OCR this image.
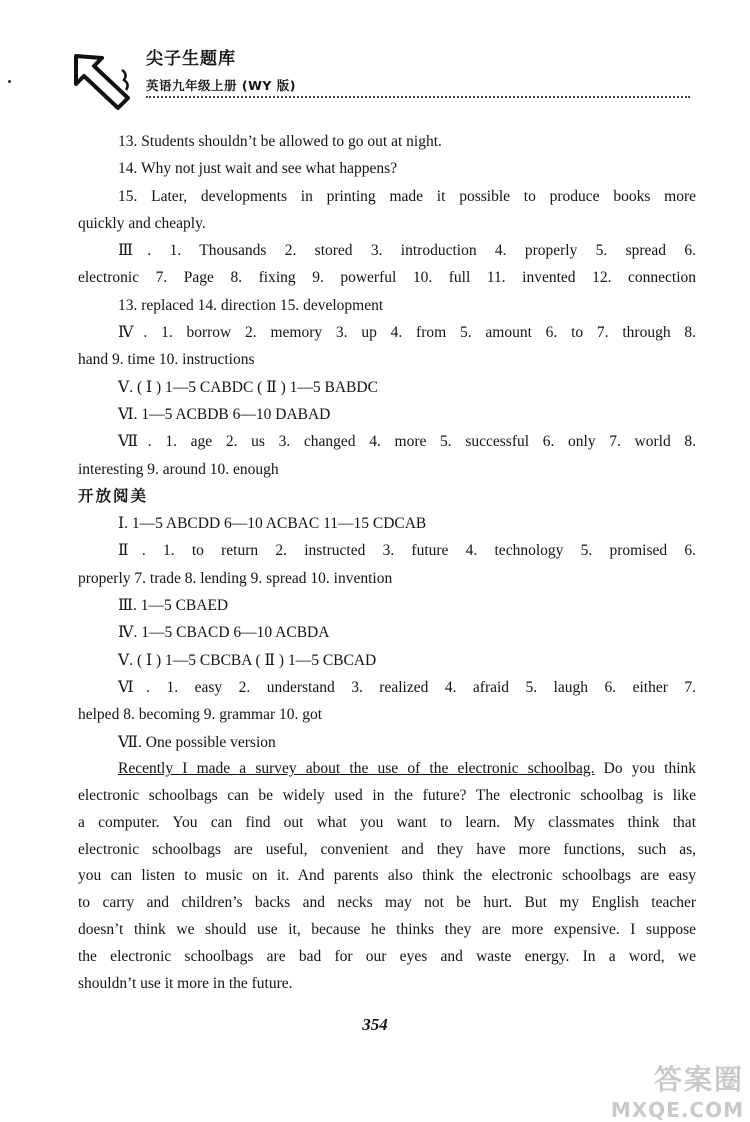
尖子生题库
英语九年级上册 (WY 版)
13. Students shouldn’t be allowed to go out at night.
14. Why not just wait and see what happens?
15. Later, developments in printing made it possible to produce books more
quickly and cheaply.
Ⅲ. 1. Thousands 2. stored 3. introduction 4. properly 5. spread 6.
electronic 7. Page 8. fixing 9. powerful 10. full 11. invented 12. connection
13. replaced 14. direction 15. development
Ⅳ. 1. borrow 2. memory 3. up 4. from 5. amount 6. to 7. through 8.
hand 9. time 10. instructions
Ⅴ. ( Ⅰ ) 1—5 CABDC ( Ⅱ ) 1—5 BABDC
Ⅵ. 1—5 ACBDB 6—10 DABAD
Ⅶ. 1. age 2. us 3. changed 4. more 5. successful 6. only 7. world 8.
interesting 9. around 10. enough
开放阅美
Ⅰ. 1—5 ABCDD 6—10 ACBAC 11—15 CDCAB
Ⅱ. 1. to return 2. instructed 3. future 4. technology 5. promised 6.
properly 7. trade 8. lending 9. spread 10. invention
Ⅲ. 1—5 CBAED
Ⅳ. 1—5 CBACD 6—10 ACBDA
Ⅴ. ( Ⅰ ) 1—5 CBCBA ( Ⅱ ) 1—5 CBCAD
Ⅵ. 1. easy 2. understand 3. realized 4. afraid 5. laugh 6. either 7.
helped 8. becoming 9. grammar 10. got
Ⅶ. One possible version
Recently I made a survey about the use of the electronic schoolbag. Do you think
electronic schoolbags can be widely used in the future? The electronic schoolbag is like
a computer. You can find out what you want to learn. My classmates think that
electronic schoolbags are useful, convenient and they have more functions, such as,
you can listen to music on it. And parents also think the electronic schoolbags are easy
to carry and children’s backs and necks may not be hurt. But my English teacher
doesn’t think we should use it, because he thinks they are more expensive. I suppose
the electronic schoolbags are bad for our eyes and waste energy. In a word, we
shouldn’t use it more in the future.
354
答案圈
MXQE.COM
